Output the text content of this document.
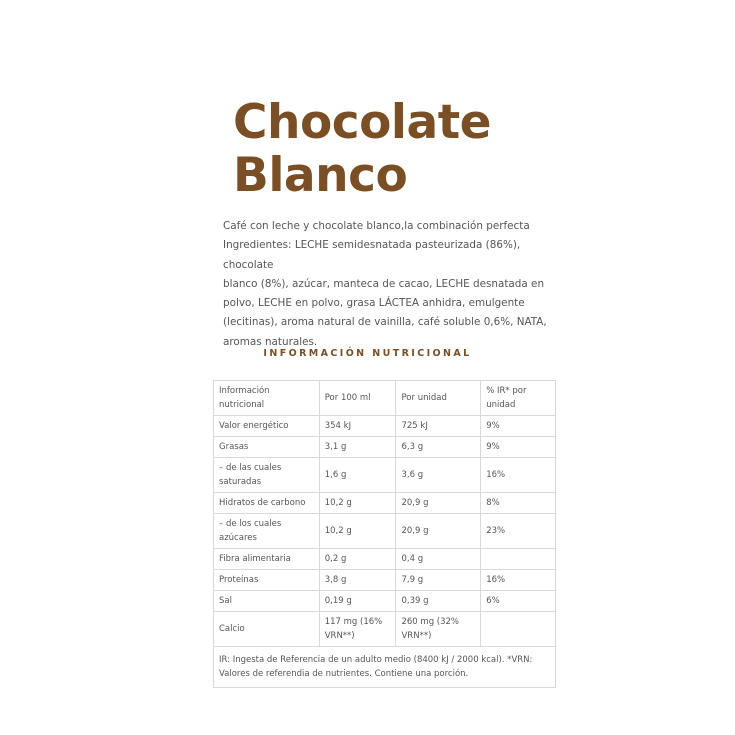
Chocolate
Blanco
Café con leche y chocolate blanco,la combinación perfecta
Ingredientes: LECHE semidesnatada pasteurizada (86%), chocolate
blanco (8%), azúcar, manteca de cacao, LECHE desnatada en
polvo, LECHE en polvo, grasa LÁCTEA anhidra, emulgente
(lecitinas), aroma natural de vainilla, café soluble 0,6%, NATA,
aromas naturales.
INFORMACIÓN NUTRICIONAL
Información nutricional	Por 100 ml	Por unidad	% IR* por unidad
Valor energético	354 kJ	725 kJ	9%
Grasas	3,1 g	6,3 g	9%
– de las cuales saturadas	1,6 g	3,6 g	16%
Hidratos de carbono	10,2 g	20,9 g	8%
– de los cuales azúcares	10,2 g	20,9 g	23%
Fibra alimentaria	0,2 g	0,4 g	
Proteínas	3,8 g	7,9 g	16%
Sal	0,19 g	0,39 g	6%
Calcio	117 mg (16% VRN**)	260 mg (32% VRN**)	
IR: Ingesta de Referencia de un adulto medio (8400 kJ / 2000 kcal). *VRN: Valores de referendia de nutrientes. Contiene una porción.			
